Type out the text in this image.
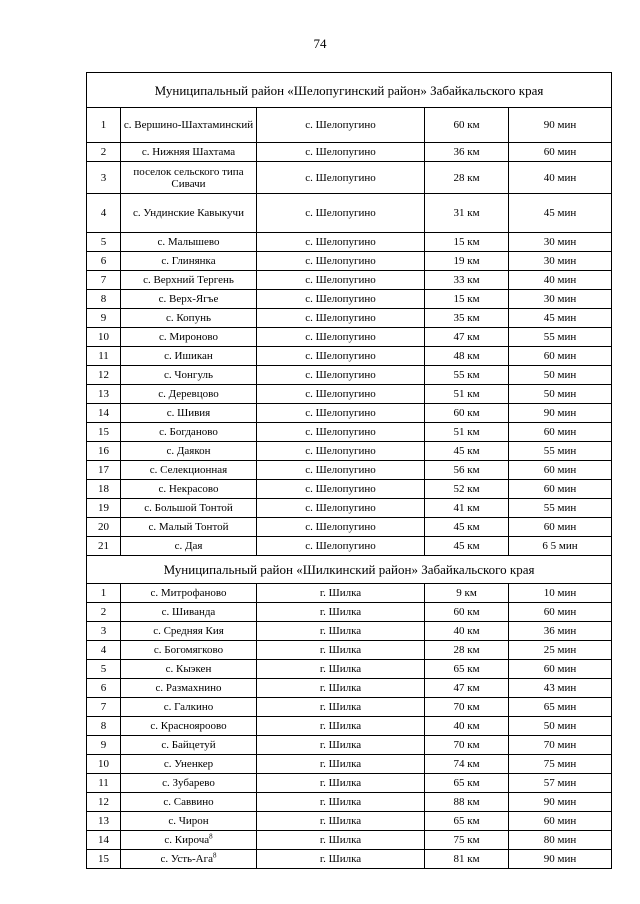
74
Муниципальный район «Шелопугинский район» Забайкальского края				
1	с. Вершино-Шахтаминский	с. Шелопугино	60 км	90 мин
2	с. Нижняя Шахтама	с. Шелопугино	36 км	60 мин
3	поселок сельского типа Сивачи	с. Шелопугино	28 км	40 мин
4	с. Ундинские Кавыкучи	с. Шелопугино	31 км	45 мин
5	с. Малышево	с. Шелопугино	15 км	30 мин
6	с. Глинянка	с. Шелопугино	19 км	30 мин
7	с. Верхний Тергень	с. Шелопугино	33 км	40 мин
8	с. Верх-Ягъе	с. Шелопугино	15 км	30 мин
9	с. Копунь	с. Шелопугино	35 км	45 мин
10	с. Мироново	с. Шелопугино	47 км	55 мин
11	с. Ишикан	с. Шелопугино	48 км	60 мин
12	с. Чонгуль	с. Шелопугино	55 км	50 мин
13	с. Деревцово	с. Шелопугино	51 км	50 мин
14	с. Шивия	с. Шелопугино	60 км	90 мин
15	с. Богданово	с. Шелопугино	51 км	60 мин
16	с. Даякон	с. Шелопугино	45 км	55 мин
17	с. Селекционная	с. Шелопугино	56 км	60 мин
18	с. Некрасово	с. Шелопугино	52 км	60 мин
19	с. Большой Тонтой	с. Шелопугино	41 км	55 мин
20	с. Малый Тонтой	с. Шелопугино	45 км	60 мин
21	с. Дая	с. Шелопугино	45 км	6 5 мин
Муниципальный район «Шилкинский район» Забайкальского края				
1	с. Митрофаново	г. Шилка	9 км	10 мин
2	с. Шиванда	г. Шилка	60 км	60 мин
3	с. Средняя Кия	г. Шилка	40 км	36 мин
4	с. Богомягково	г. Шилка	28 км	25 мин
5	с. Кыэкен	г. Шилка	65 км	60 мин
6	с. Размахнино	г. Шилка	47 км	43 мин
7	с. Галкино	г. Шилка	70 км	65 мин
8	с. Краснояроово	г. Шилка	40 км	50 мин
9	с. Байцетуй	г. Шилка	70 км	70 мин
10	с. Уненкер	г. Шилка	74 км	75 мин
11	с. Зубарево	г. Шилка	65 км	57 мин
12	с. Саввино	г. Шилка	88 км	90 мин
13	с. Чирон	г. Шилка	65 км	60 мин
14	с. Кироча$^8$	г. Шилка	75 км	80 мин
15	с. Усть-Ага$^8$	г. Шилка	81 км	90 мин
